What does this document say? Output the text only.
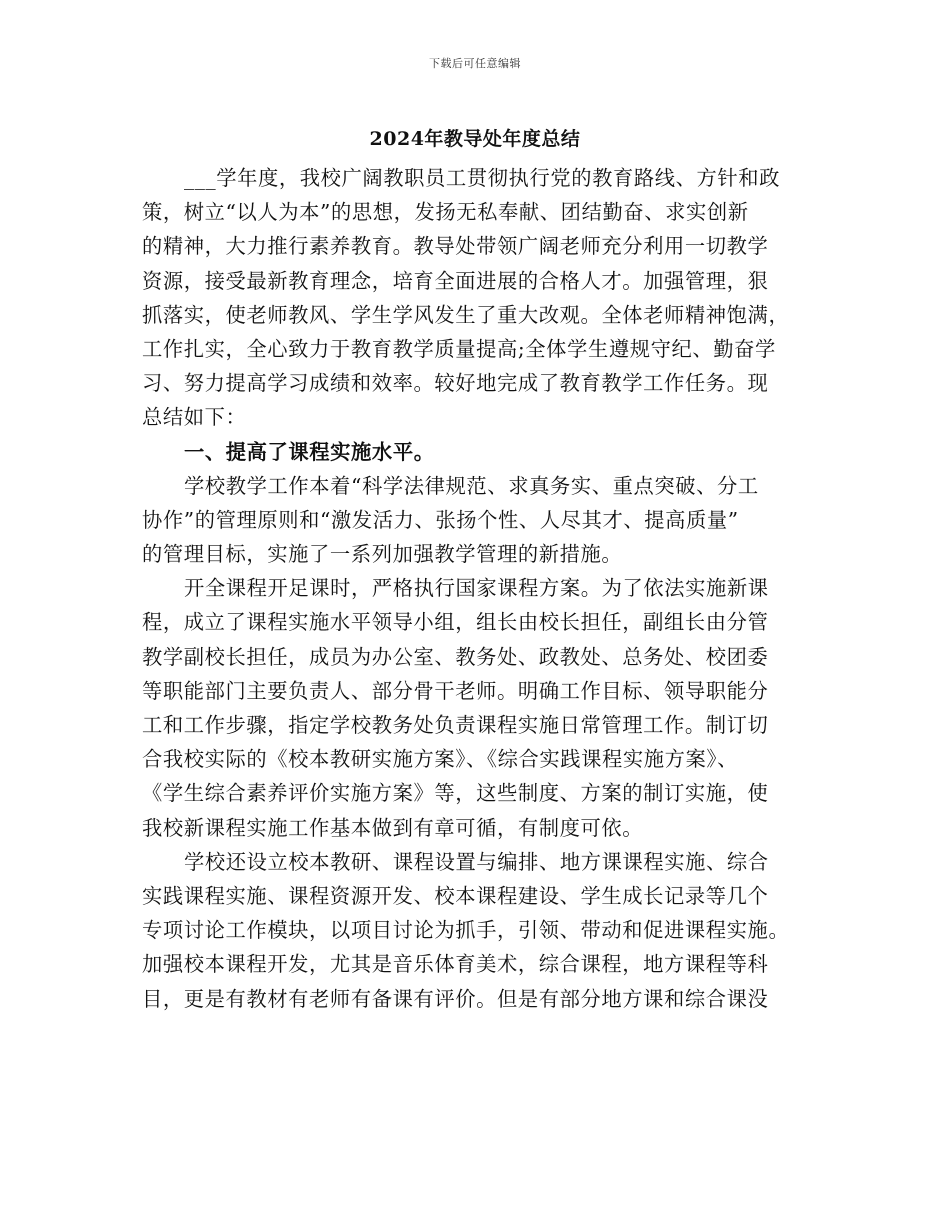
下载后可任意编辑
2024年教导处年度总结
___学年度，我校广阔教职员工贯彻执行党的教育路线、方针和政
策，树立“以人为本”的思想，发扬无私奉献、团结勤奋、求实创新
的精神，大力推行素养教育。教导处带领广阔老师充分利用一切教学
资源，接受最新教育理念，培育全面进展的合格人才。加强管理，狠
抓落实，使老师教风、学生学风发生了重大改观。全体老师精神饱满，
工作扎实，全心致力于教育教学质量提高;全体学生遵规守纪、勤奋学
习、努力提高学习成绩和效率。较好地完成了教育教学工作任务。现
总结如下：
一、提高了课程实施水平。
学校教学工作本着“科学法律规范、求真务实、重点突破、分工
协作”的管理原则和“激发活力、张扬个性、人尽其才、提高质量”
的管理目标，实施了一系列加强教学管理的新措施。
开全课程开足课时，严格执行国家课程方案。为了依法实施新课
程，成立了课程实施水平领导小组，组长由校长担任，副组长由分管
教学副校长担任，成员为办公室、教务处、政教处、总务处、校团委
等职能部门主要负责人、部分骨干老师。明确工作目标、领导职能分
工和工作步骤，指定学校教务处负责课程实施日常管理工作。制订切
合我校实际的《校本教研实施方案》、《综合实践课程实施方案》、
《学生综合素养评价实施方案》等，这些制度、方案的制订实施，使
我校新课程实施工作基本做到有章可循，有制度可依。
学校还设立校本教研、课程设置与编排、地方课课程实施、综合
实践课程实施、课程资源开发、校本课程建设、学生成长记录等几个
专项讨论工作模块，以项目讨论为抓手，引领、带动和促进课程实施。
加强校本课程开发，尤其是音乐体育美术，综合课程，地方课程等科
目，更是有教材有老师有备课有评价。但是有部分地方课和综合课没
